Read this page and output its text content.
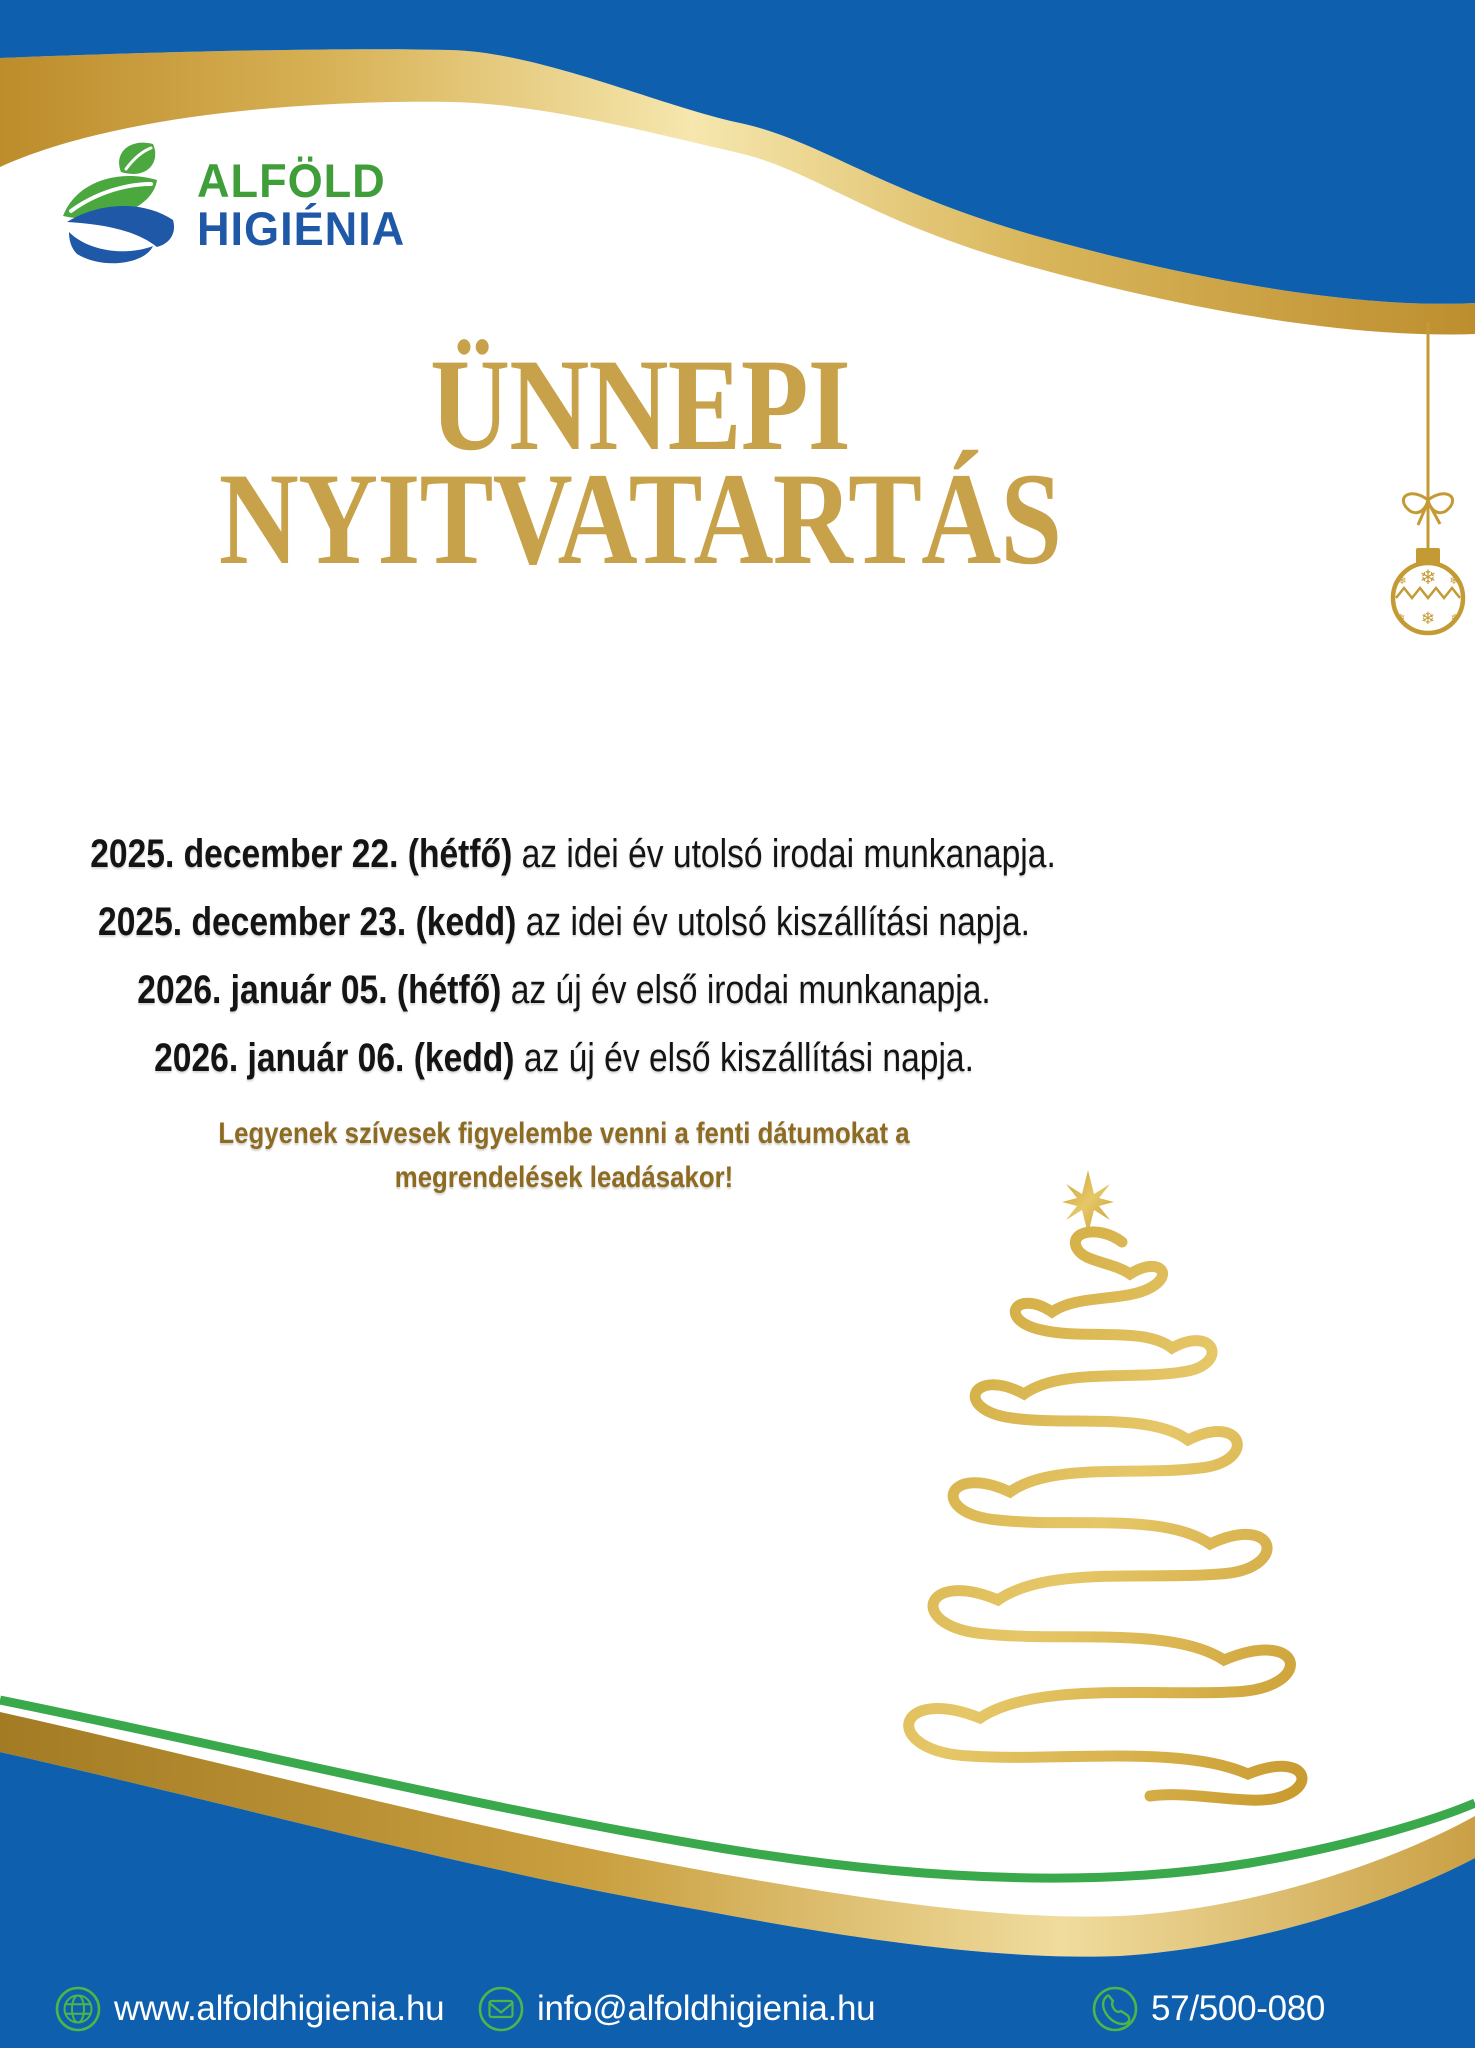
ALFÖLD
HIGIÉNIA
❄
❄	❄
❄
❄	❄
ÜNNEPI
NYITVATARTÁS

2025. december 22. (hétfő) az idei év utolsó irodai munkanapja.

2025. december 23. (kedd) az idei év utolsó kiszállítási napja.

2026. január 05. (hétfő) az új év első irodai munkanapja.

2026. január 06. (kedd) az új év első kiszállítási napja.

Legyenek szívesek figyelembe venni a fenti dátumokat a
megrendelések leadásakor!
www.alfoldhigienia.hu	info@alfoldhigienia.hu	57/500-080
